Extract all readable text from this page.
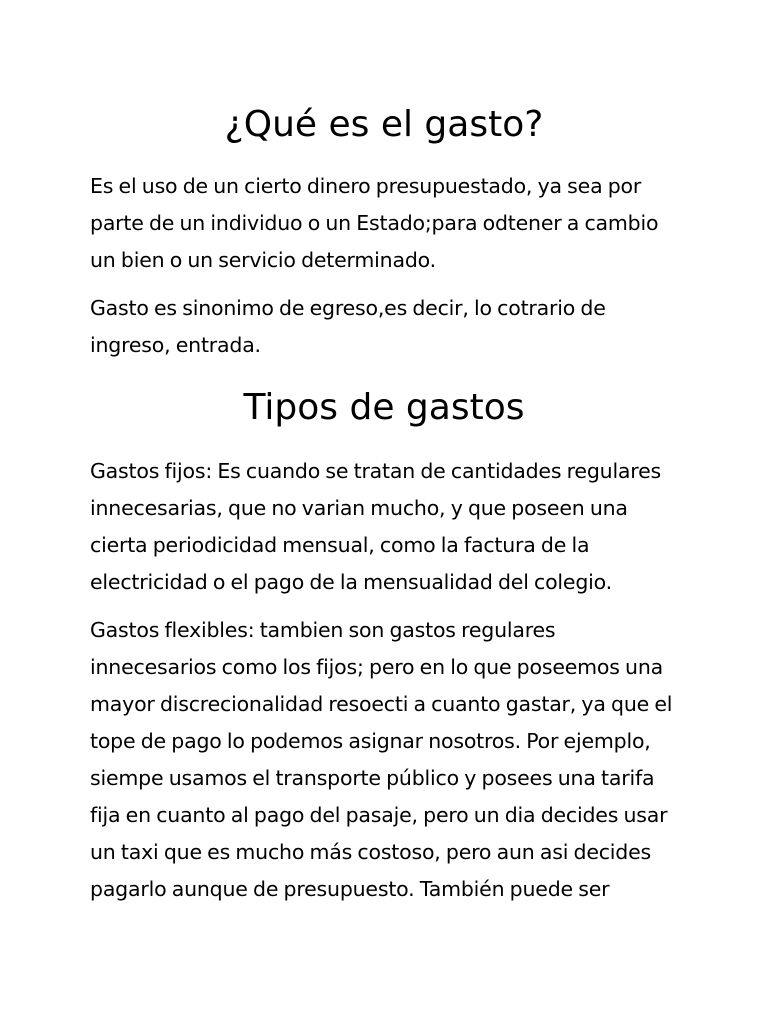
¿Qué es el gasto?

Es el uso de un cierto dinero presupuestado, ya sea por
parte de un individuo o un Estado;para odtener a cambio
un bien o un servicio determinado.

Gasto es sinonimo de egreso,es decir, lo cotrario de
ingreso, entrada.

Tipos de gastos

Gastos fijos: Es cuando se tratan de cantidades regulares
innecesarias, que no varian mucho, y que poseen una
cierta periodicidad mensual, como la factura de la
electricidad o el pago de la mensualidad del colegio.

Gastos flexibles: tambien son gastos regulares
innecesarios como los fijos; pero en lo que poseemos una
mayor discrecionalidad resoecti a cuanto gastar, ya que el
tope de pago lo podemos asignar nosotros. Por ejemplo,
siempe usamos el transporte público y posees una tarifa
fija en cuanto al pago del pasaje, pero un dia decides usar
un taxi que es mucho más costoso, pero aun asi decides
pagarlo aunque de presupuesto. También puede ser
